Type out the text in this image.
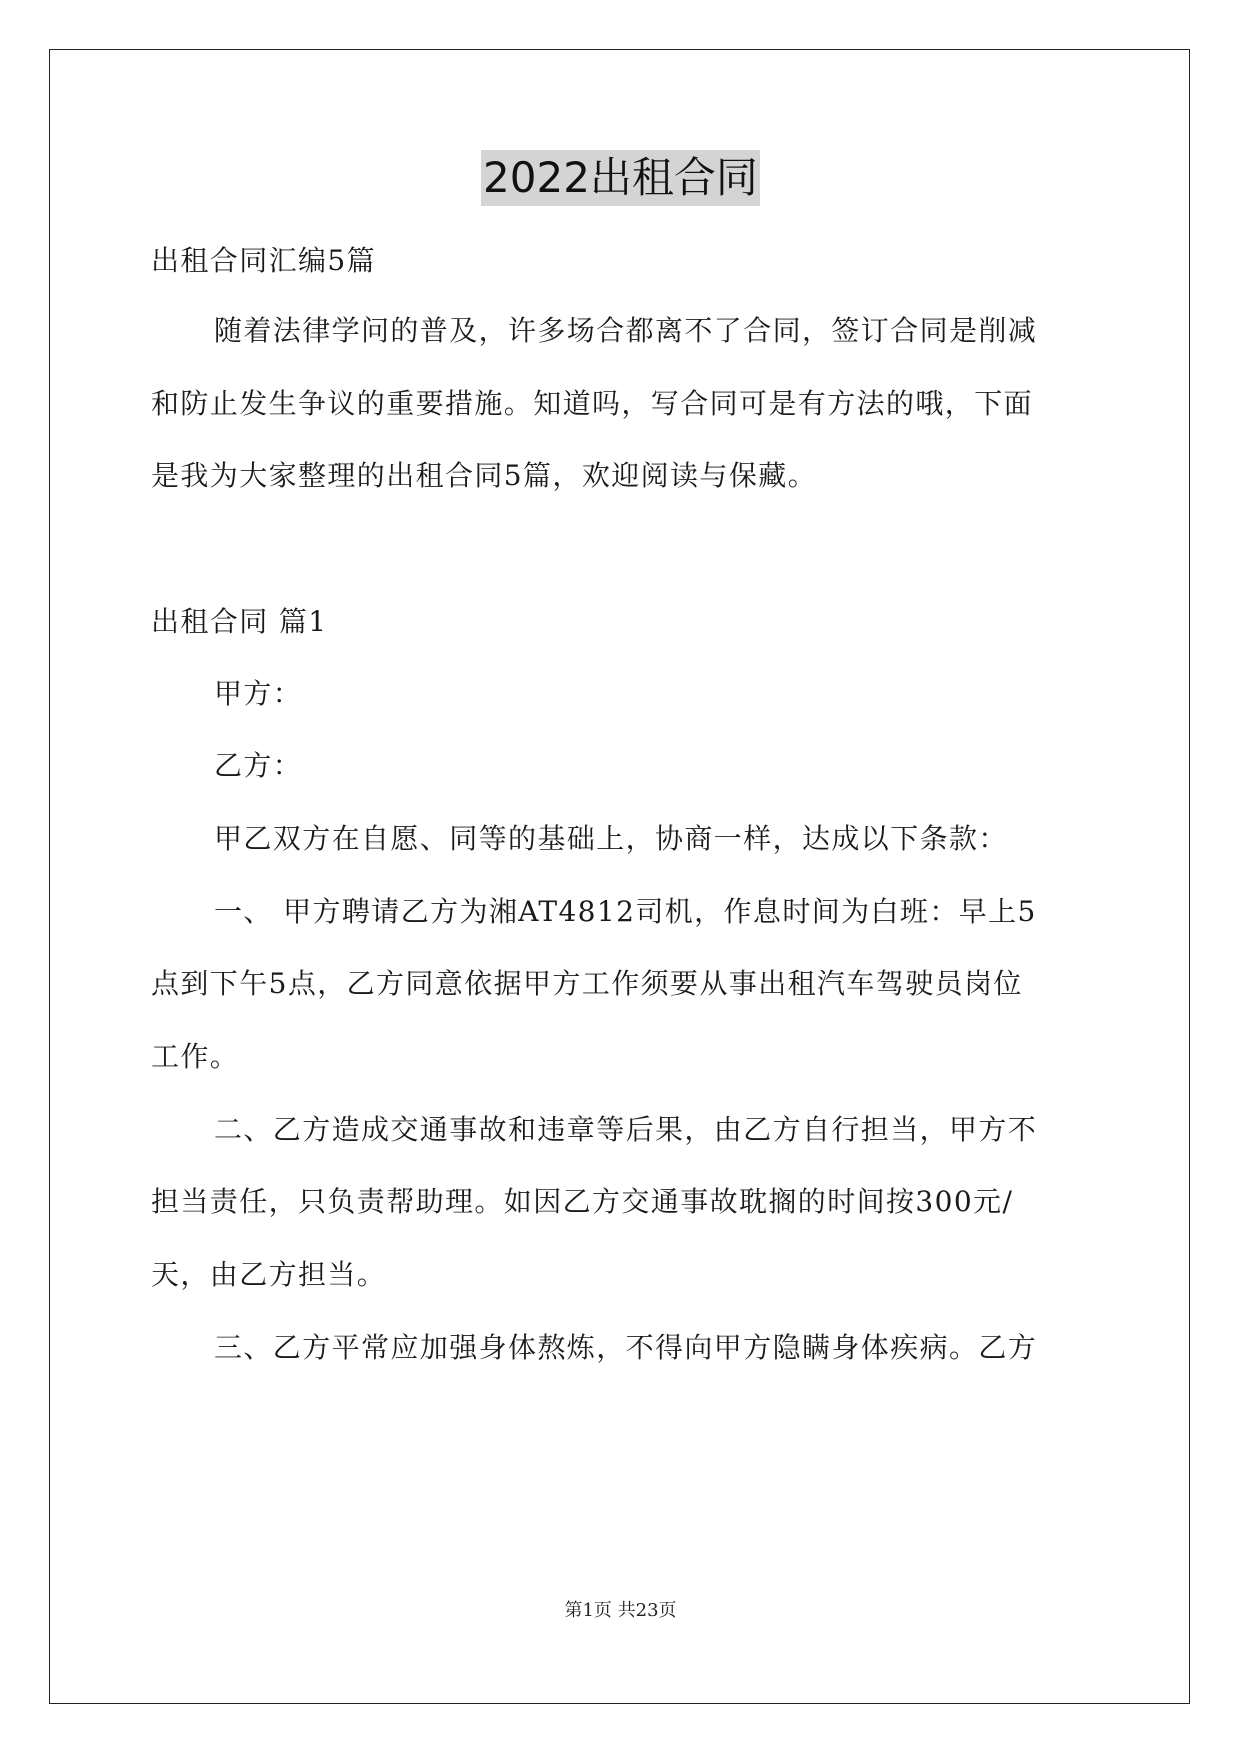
2022出租合同
出租合同汇编5篇
随着法律学问的普及，许多场合都离不了合同，签订合同是削减
和防止发生争议的重要措施。知道吗，写合同可是有方法的哦，下面
是我为大家整理的出租合同5篇，欢迎阅读与保藏。
出租合同 篇1
甲方：
乙方：
甲乙双方在自愿、同等的基础上，协商一样，达成以下条款：
一、 甲方聘请乙方为湘AT4812司机，作息时间为白班：早上5
点到下午5点，乙方同意依据甲方工作须要从事出租汽车驾驶员岗位
工作。
二、乙方造成交通事故和违章等后果，由乙方自行担当，甲方不
担当责任，只负责帮助理。如因乙方交通事故耽搁的时间按300元/
天，由乙方担当。
三、乙方平常应加强身体熬炼，不得向甲方隐瞒身体疾病。乙方
第1页 共23页
